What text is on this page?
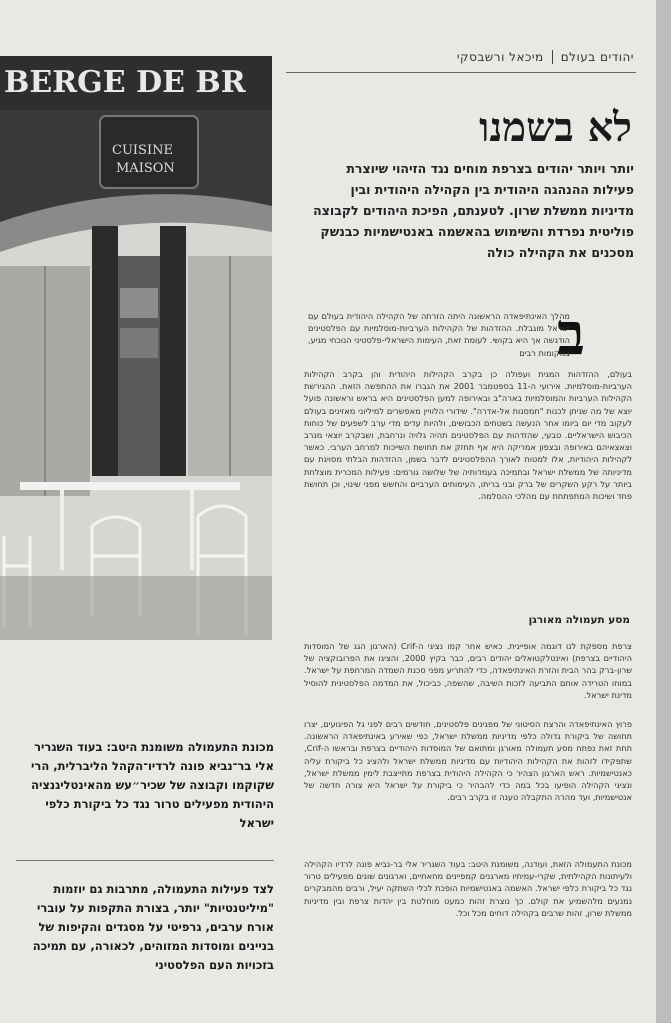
BERGE DE BR
CUISINE
MAISON
יהודים בעולם
מיכאל ורשבסקי
לא בשמנו
יותר ויותר יהודים בצרפת מוחים נגד הזיהוי שיוצרת פעילות ההנהגה היהודית בין הקהילה היהודית ובין מדיניות ממשלת שרון. לטענתם, הפיכת היהודים לקבוצה פוליטית נפרדת והשימוש בהאשמה באנטישמיות כבנשק מסכנים את הקהילה כולה
ב
מהלך האינתיפאדה הראשונה היתה הזרתה של הקהילה היהודית בעולם עם ישראל מוגבלת. ההזדהות של הקהילות הערביות-מוסלמיות עם הפלסטינים הודגשה אך היא בקושי. לעומת זאת, העימות הישראלי-פלסטיני הנוכחי מגיע, במקומות רבים
בעולם, ההזדהות המגית ועפולה כן בקרב הקהילות היהודית והן בקרב הקהילות הערביות-מוסלמיות. אירועי ה-11 בספטמבר 2001 את הגברו את ההתפשה הזאת. ההגירשת הקהילות הערביות והמוסלמיות בארה"ב ובאירופה למען הפלסטינים היא בראש וראשונה פועל יוצא של מה שניתן לכנות "חמסנות אל-אדרה". שידורי הלוויין מאפשרים למיליוני מאזינים בעולם לעקוב מדי יום ביומו אחר הנעשה בשטחים הכבושים, ולהיות עדים מדי ערב לשפעים של כוחות הכיבוש הישראליים. טבעי, שהזדהות עם הפלסטינים תהיה גלויה ונרחבת, ושבקרב יוצאי מגרב וצאצאיהם באירופה ובצפון אמריקה היא אף תחזק את תחושת השייכות למרחב הערבי. כאשר לקהילות היהודיות, אלו למטות לאורך ההפלסטינים לדבר בשמן, ההזדהות הבלתי מסויגת עם מדיניותה של ממשלת ישראל ובתמיכה בעמדותיה של שלושה גורמים: פעילות המכרית מוצלחת ביותר על רקע השקרים של ברק ובני בריתו, העימותים הערביים והחשש מפני שינוי, וכן תחושת פחד ושיכות המתפתחת עם מהלכי ההסלמה.
מסע תעמולה מאורגן
צרפת מספקת לנו דוגמה אופיינית. כאיש אחר קמו נציגי ה-Crif (הארגון הגג של המוסדות היהודיים בצרפת) ואינטלקטואלים יהודים רבים, כבר בקיץ 2000, והציגו את הפרובוקציה של שרון-ברק בהר הבית והזרת האינתיפאדה, כדי להתריע מפני סכנת השמדה המרחפת על ישראל. במוחו הטרידה אותם התביעה לזכות השיבה, שהשפה, כביכול, את המדמה הפלסטינית להוסיל מדינת ישראל.
פרוץ האינתיפאדה והרצח הסיטוני של מפגינים פלסטינים, חודשים רבים לפני גל הפיגועים, יצרו תחושה של ביקורת גדולה כלפי מדיניות ממשלת ישראל, כפי שאירע באינתיפאדה הראשונה. תחת זאת נפתח מסע תעמולה מאורגן ומתואם של המוסדות היהודיים בצרפת ובראשו ה-Crif, שתפקידו לזהות את הקהילות היהודיות עם מדיניות ממשלת ישראל ולהציג כל ביקורת עליה כאנטישמיות. ראש הארגון הצהיר כי הקהילה היהודית בצרפת מתייצבת לימין ממשלת ישראל, ונציגי הקהילה הופיעו בכל במה כדי להבהיר כי ביקורת על ישראל היא צורה חדשה של אנטישמיות, ועד מהרה התקבלה טענה זו בקרב רבים.
מכונת התעמולה הזאת, ועודנה, משומנת היטב: בעוד השגריר אלי בר-נביא פונה לרדיו הקהילה ולעיתונות הקהילתית, שקרי-עמיתיו מארגנים קמפיינים מחאתיים, וארגונים שונים מפעילים טרור נגד כל ביקורת כלפי ישראל. האשמה באנטישמיות הופכת לכלי השתקה יעיל, ורבים מהמבקרים נמנעים מלהשמיע את קולם. כך נוצרת זהות כמעט מוחלטת בין יהדות צרפת ובין מדיניות ממשלת שרון, זהות שרבים בקהילה דוחים מכל וכל.
מכונת התעמולה משומנת היטב: בעוד השגריר אלי בר־נביא פונה לרדיו־הקהל הליברלית, הרי שקוקמו וקבוצה של שכיר״עש מהאינטליגנציה היהודית מפעילים טרור נגד כל ביקורת כלפי ישראל
לצד פעילות התעמולה, מתרבות גם יוזמות "מיליטנטיות" יותר, בצורת התקפות על עוברי אורח ערבים, גרפיטי על מסגדים והקיפות של בניינים ומוסדות המזוהים, לכאורה, עם תמיכה בזכויות העם הפלסטיני
